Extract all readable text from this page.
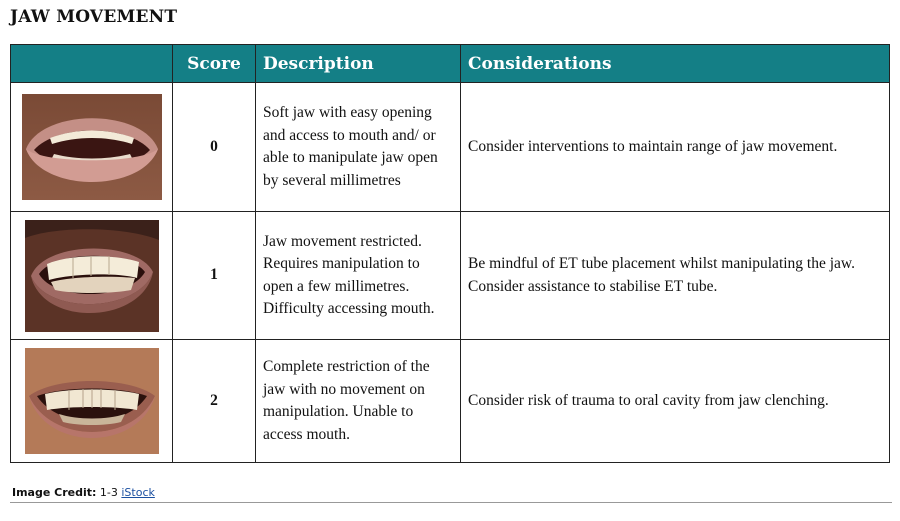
JAW MOVEMENT
	Score	Description	Considerations

	0	Soft jaw with easy opening and access to mouth and/ or able to manipulate jaw open by several millimetres	Consider interventions to maintain range of jaw movement.

	1	Jaw movement restricted. Requires manipulation to open a few millimetres. Difficulty accessing mouth.	Be mindful of ET tube placement whilst manipulating the jaw. Consider assistance to stabilise ET tube.

	2	Complete restriction of the jaw with no movement on manipulation. Unable to access mouth.	Consider risk of trauma to oral cavity from jaw clenching.
Image Credit: 1-3 iStock
